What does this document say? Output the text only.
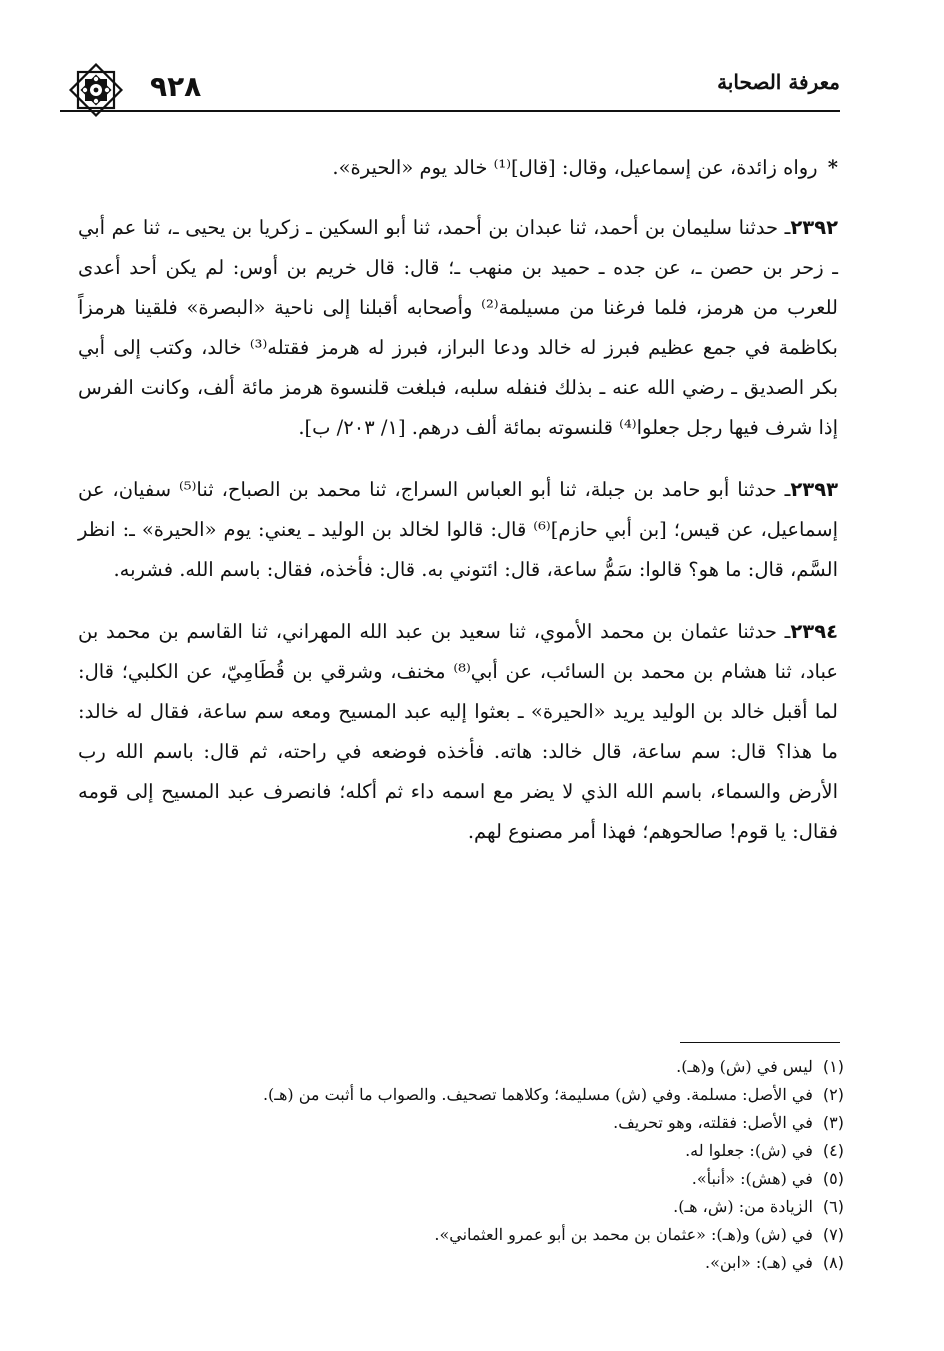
٩٢٨	معرفة الصحابة

* رواه زائدة، عن إسماعيل، وقال: [قال]⁽¹⁾ خالد يوم «الحيرة».

٢٣٩٢ـ حدثنا سليمان بن أحمد، ثنا عبدان بن أحمد، ثنا أبو السكين ـ زكريا بن يحيى ـ، ثنا عم أبي ـ زحر بن حصن ـ، عن جده ـ حميد بن منهب ـ؛ قال: قال خريم بن أوس: لم يكن أحد أعدى للعرب من هرمز، فلما فرغنا من مسيلمة⁽²⁾ وأصحابه أقبلنا إلى ناحية «البصرة» فلقينا هرمزاً بكاظمة في جمع عظيم فبرز له خالد ودعا البراز، فبرز له هرمز فقتله⁽³⁾ خالد، وكتب إلى أبي بكر الصديق ـ رضي الله عنه ـ بذلك فنفله سلبه، فبلغت قلنسوة هرمز مائة ألف، وكانت الفرس إذا شرف فيها رجل جعلوا⁽⁴⁾ قلنسوته بمائة ألف درهم. [١/ ٢٠٣/ ب].

٢٣٩٣ـ حدثنا أبو حامد بن جبلة، ثنا أبو العباس السراج، ثنا محمد بن الصباح، ثنا⁽⁵⁾ سفيان، عن إسماعيل، عن قيس؛ [بن أبي حازم]⁽⁶⁾ قال: قالوا لخالد بن الوليد ـ يعني: يوم «الحيرة» ـ: انظر السَّم، قال: ما هو؟ قالوا: سَمُّ ساعة، قال: ائتوني به. قال: فأخذه، فقال: باسم الله. فشربه.

٢٣٩٤ـ حدثنا عثمان بن محمد الأموي، ثنا سعيد بن عبد الله المهراني، ثنا القاسم بن محمد بن عباد، ثنا هشام بن محمد بن السائب، عن أبي⁽⁸⁾ مخنف، وشرقي بن قُطَامِيّ، عن الكلبي؛ قال: لما أقبل خالد بن الوليد يريد «الحيرة» ـ بعثوا إليه عبد المسيح ومعه سم ساعة، فقال له خالد: ما هذا؟ قال: سم ساعة، قال خالد: هاته. فأخذه فوضعه في راحته، ثم قال: باسم الله رب الأرض والسماء، باسم الله الذي لا يضر مع اسمه داء ثم أكله؛ فانصرف عبد المسيح إلى قومه فقال: يا قوم! صالحوهم؛ فهذا أمر مصنوع لهم.

(١)ليس في (ش) و(هـ).
(٢)في الأصل: مسلمة. وفي (ش) مسليمة؛ وكلاهما تصحيف. والصواب ما أثبت من (هـ).
(٣)في الأصل: فقلته، وهو تحريف.
(٤)في (ش): جعلوا له.
(٥)في (هش): «أنبأ».
(٦)الزيادة من: (ش، هـ).
(٧)في (ش) و(هـ): «عثمان بن محمد بن أبو عمرو العثماني».
(٨)في (هـ): «ابن».
